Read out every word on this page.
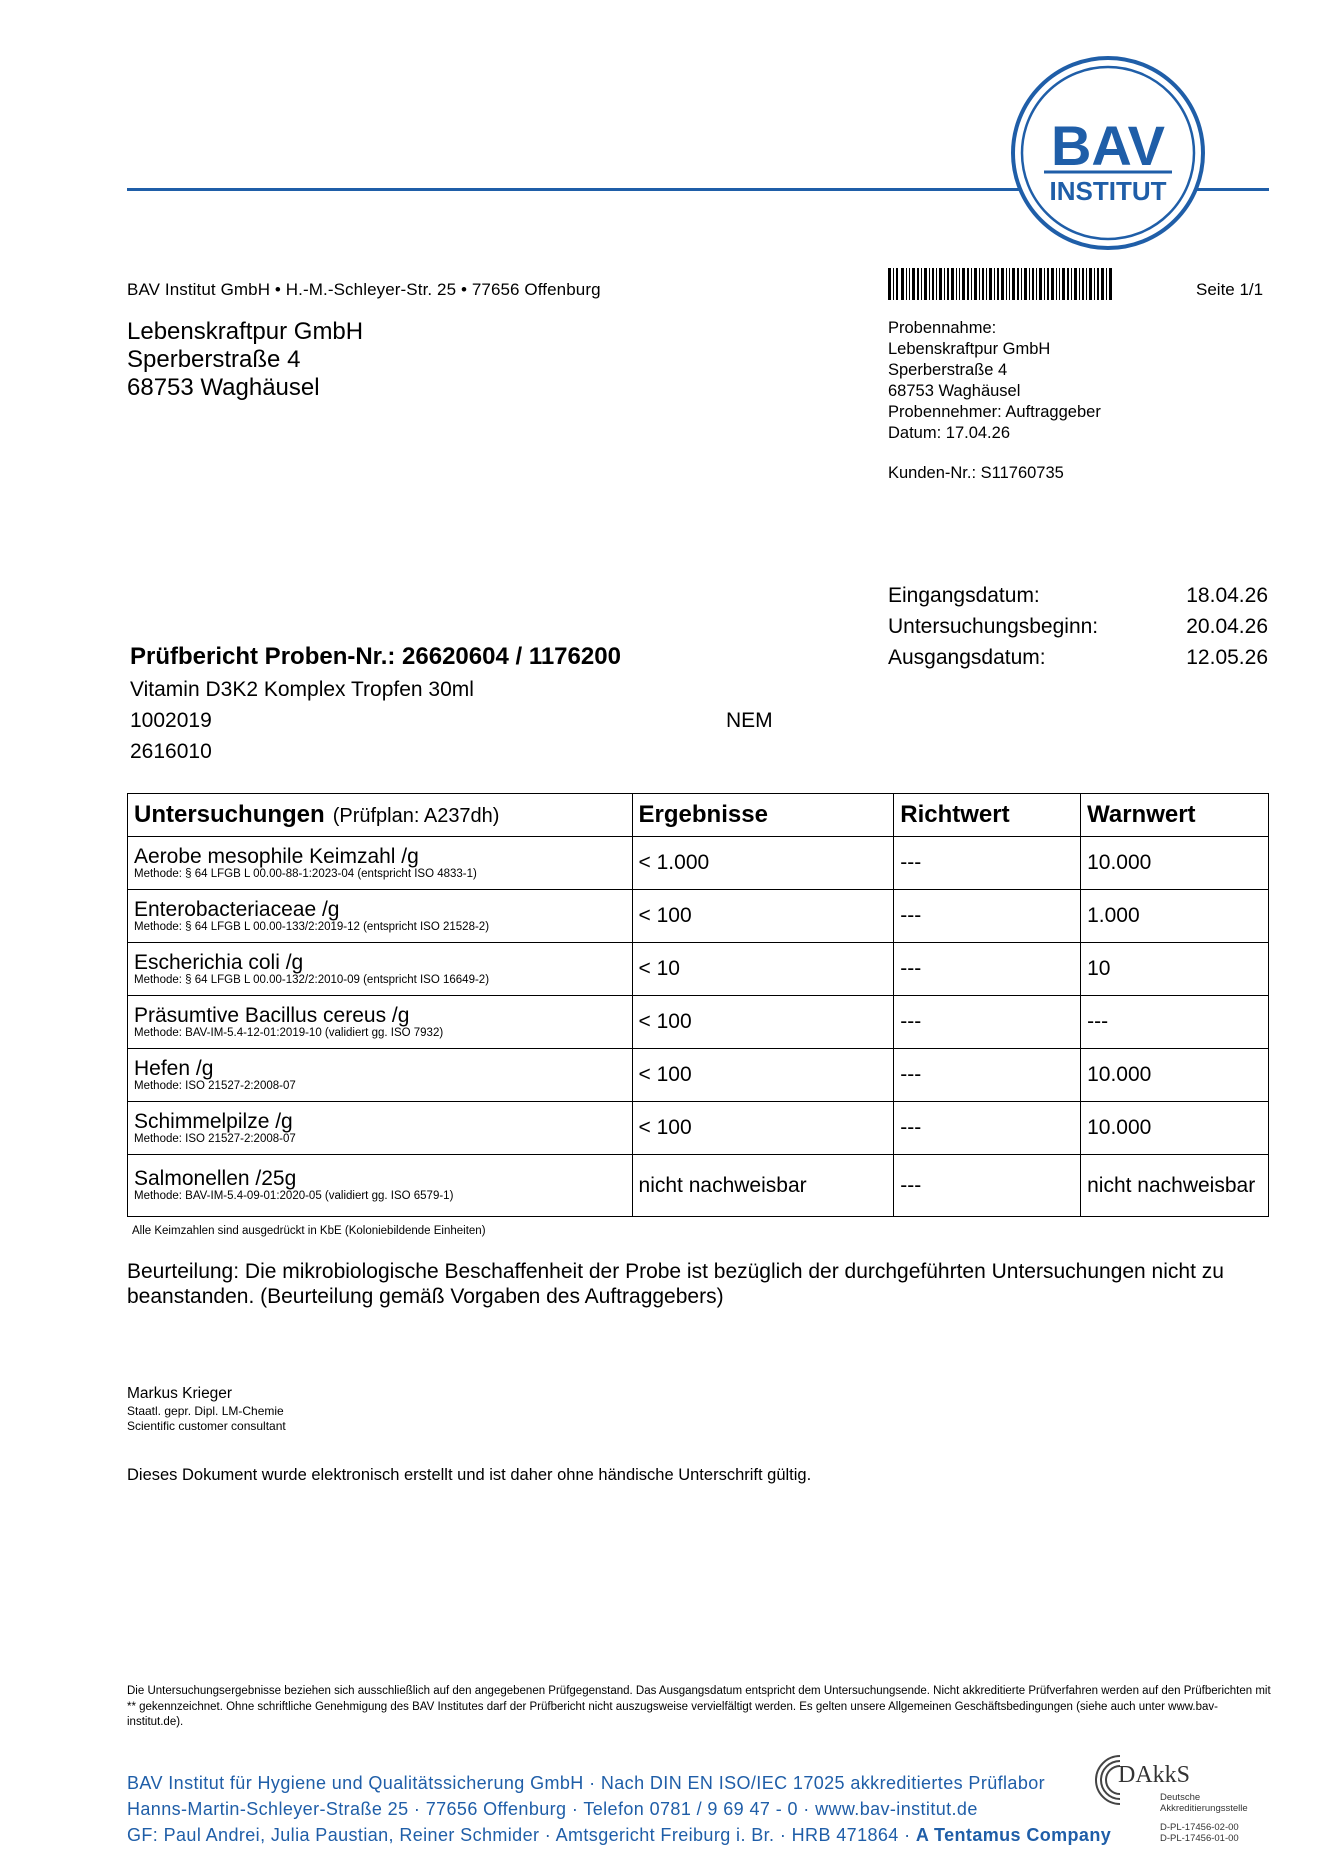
BAV
INSTITUT
BAV Institut GmbH • H.-M.-Schleyer-Str. 25 • 77656 Offenburg	Seite 1/1
Lebenskraftpur GmbH
Sperberstraße 4
68753 Waghäusel
Probennahme:
Lebenskraftpur GmbH
Sperberstraße 4
68753 Waghäusel
Probennehmer: Auftraggeber
Datum: 17.04.26
Kunden-Nr.: S11760735
Eingangsdatum:	18.04.26
Untersuchungsbeginn:	20.04.26
Ausgangsdatum:	12.05.26
Prüfbericht Proben-Nr.: 26620604 / 1176200
Vitamin D3K2 Komplex Tropfen 30ml
1002019	NEM
2616010
Untersuchungen (Prüfplan: A237dh)	Ergebnisse	Richtwert	Warnwert

Aerobe mesophile Keimzahl /g
Methode: § 64 LFGB L 00.00-88-1:2023-04 (entspricht ISO 4833-1)	< 1.000	---	10.000

Enterobacteriaceae /g
Methode: § 64 LFGB L 00.00-133/2:2019-12 (entspricht ISO 21528-2)	< 100	---	1.000

Escherichia coli /g
Methode: § 64 LFGB L 00.00-132/2:2010-09 (entspricht ISO 16649-2)	< 10	---	10

Präsumtive Bacillus cereus /g
Methode: BAV-IM-5.4-12-01:2019-10 (validiert gg. ISO 7932)	< 100	---	---

Hefen /g
Methode: ISO 21527-2:2008-07	< 100	---	10.000

Schimmelpilze /g
Methode: ISO 21527-2:2008-07	< 100	---	10.000

Salmonellen /25g
Methode: BAV-IM-5.4-09-01:2020-05 (validiert gg. ISO 6579-1)	nicht nachweisbar	---	nicht nachweisbar
Alle Keimzahlen sind ausgedrückt in KbE (Koloniebildende Einheiten)
Beurteilung: Die mikrobiologische Beschaffenheit der Probe ist bezüglich der durchgeführten Untersuchungen nicht zu beanstanden. (Beurteilung gemäß Vorgaben des Auftraggebers)
Markus Krieger
Staatl. gepr. Dipl. LM-Chemie
Scientific customer consultant
Dieses Dokument wurde elektronisch erstellt und ist daher ohne händische Unterschrift gültig.
Die Untersuchungsergebnisse beziehen sich ausschließlich auf den angegebenen Prüfgegenstand. Das Ausgangsdatum entspricht dem Untersuchungsende. Nicht akkreditierte Prüfverfahren werden auf den Prüfberichten mit ** gekennzeichnet. Ohne schriftliche Genehmigung des BAV Institutes darf der Prüfbericht nicht auszugsweise vervielfältigt werden. Es gelten unsere Allgemeinen Geschäftsbedingungen (siehe auch unter www.bav-institut.de).
BAV Institut für Hygiene und Qualitätssicherung GmbH · Nach DIN EN ISO/IEC 17025 akkreditiertes Prüflabor
Hanns-Martin-Schleyer-Straße 25 · 77656 Offenburg · Telefon 0781 / 9 69 47 - 0 · www.bav-institut.de
GF: Paul Andrei, Julia Paustian, Reiner Schmider · Amtsgericht Freiburg i. Br. · HRB 471864 · A Tentamus Company
DAkkS
Deutsche
Akkreditierungsstelle
D-PL-17456-02-00
D-PL-17456-01-00
